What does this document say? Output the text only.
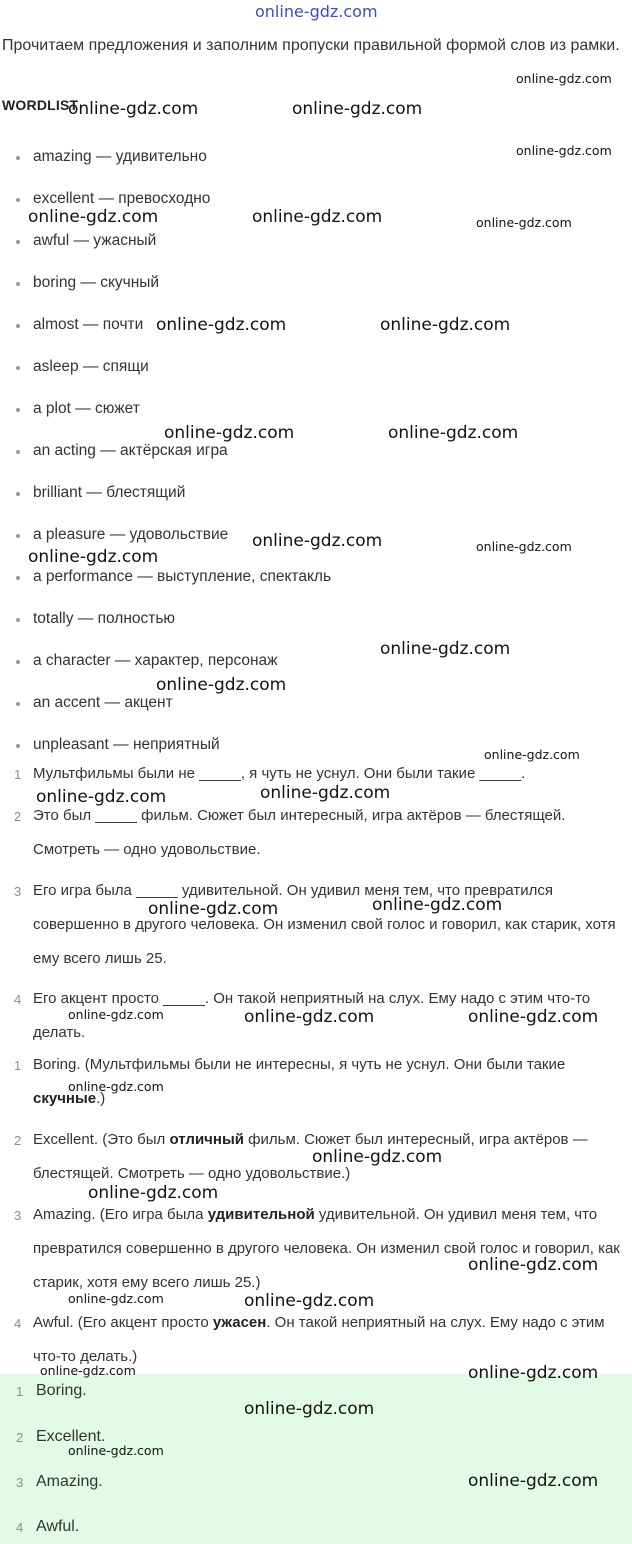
Прочитаем предложения и заполним пропуски правильной формой слов из рамки.
WORDLIST
amazing — удивительно
excellent — превосходно
awful — ужасный
boring — скучный
almost — почти
asleep — спящи
a plot — сюжет
an acting — актёрская игра
brilliant — блестящий
a pleasure — удовольствие
a performance — выступление, спектакль
totally — полностью
a character — характер, персонаж
an accent — акцент
unpleasant — неприятный
1 Мультфильмы были не _____, я чуть не уснул. Они были такие _____.
2 Это был _____ фильм. Сюжет был интересный, игра актёров — блестящей. Смотреть — одно удовольствие.
3 Его игра была _____ удивительной. Он удивил меня тем, что превратился совершенно в другого человека. Он изменил свой голос и говорил, как старик, хотя ему всего лишь 25.
4 Его акцент просто _____. Он такой неприятный на слух. Ему надо с этим что-то делать.
1 Boring. (Мультфильмы были не интересны, я чуть не уснул. Они были такие скучные.)
2 Excellent. (Это был отличный фильм. Сюжет был интересный, игра актёров — блестящей. Смотреть — одно удовольствие.)
3 Amazing. (Его игра была удивительной удивительной. Он удивил меня тем, что превратился совершенно в другого человека. Он изменил свой голос и говорил, как старик, хотя ему всего лишь 25.)
4 Awful. (Его акцент просто ужасен. Он такой неприятный на слух. Ему надо с этим что-то делать.)
1 Boring.
2 Excellent.
3 Amazing.
4 Awful.
online-gdz.com
online-gdz.com
online-gdz.com	online-gdz.com
online-gdz.com
online-gdz.com	online-gdz.com	online-gdz.com
online-gdz.com	online-gdz.com
online-gdz.com	online-gdz.com
online-gdz.com
online-gdz.com
online-gdz.com
online-gdz.com
online-gdz.com
online-gdz.com
online-gdz.com	online-gdz.com
online-gdz.com	online-gdz.com
online-gdz.com	online-gdz.com	online-gdz.com
online-gdz.com
online-gdz.com
online-gdz.com
online-gdz.com
online-gdz.com	online-gdz.com
online-gdz.com	online-gdz.com
online-gdz.com
online-gdz.com
online-gdz.com
